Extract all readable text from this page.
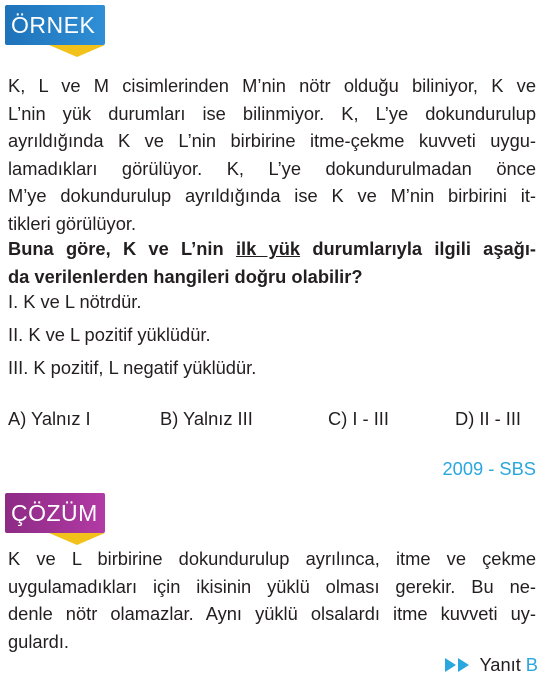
ÖRNEK
K, L ve M cisimlerinden M’nin nötr olduğu biliniyor, K ve
L’nin yük durumları ise bilinmiyor. K, L’ye dokundurulup
ayrıldığında K ve L’nin birbirine itme-çekme kuvveti uygu-
lamadıkları görülüyor. K, L’ye dokundurulmadan önce
M’ye dokundurulup ayrıldığında ise K ve M’nin birbirini it-
tikleri görülüyor.
Buna göre, K ve L’nin ilk yük durumlarıyla ilgili aşağı-
da verilenlerden hangileri doğru olabilir?
I. K ve L nötrdür.
II. K ve L pozitif yüklüdür.
III. K pozitif, L negatif yüklüdür.
A) Yalnız I	B) Yalnız III	C) I - III	D) II - III
2009 - SBS
ÇÖZÜM
K ve L birbirine dokundurulup ayrılınca, itme ve çekme
uygulamadıkları için ikisinin yüklü olması gerekir. Bu ne-
denle nötr olamazlar. Aynı yüklü olsalardı itme kuvveti uy-
gulardı.
Yanıt B
